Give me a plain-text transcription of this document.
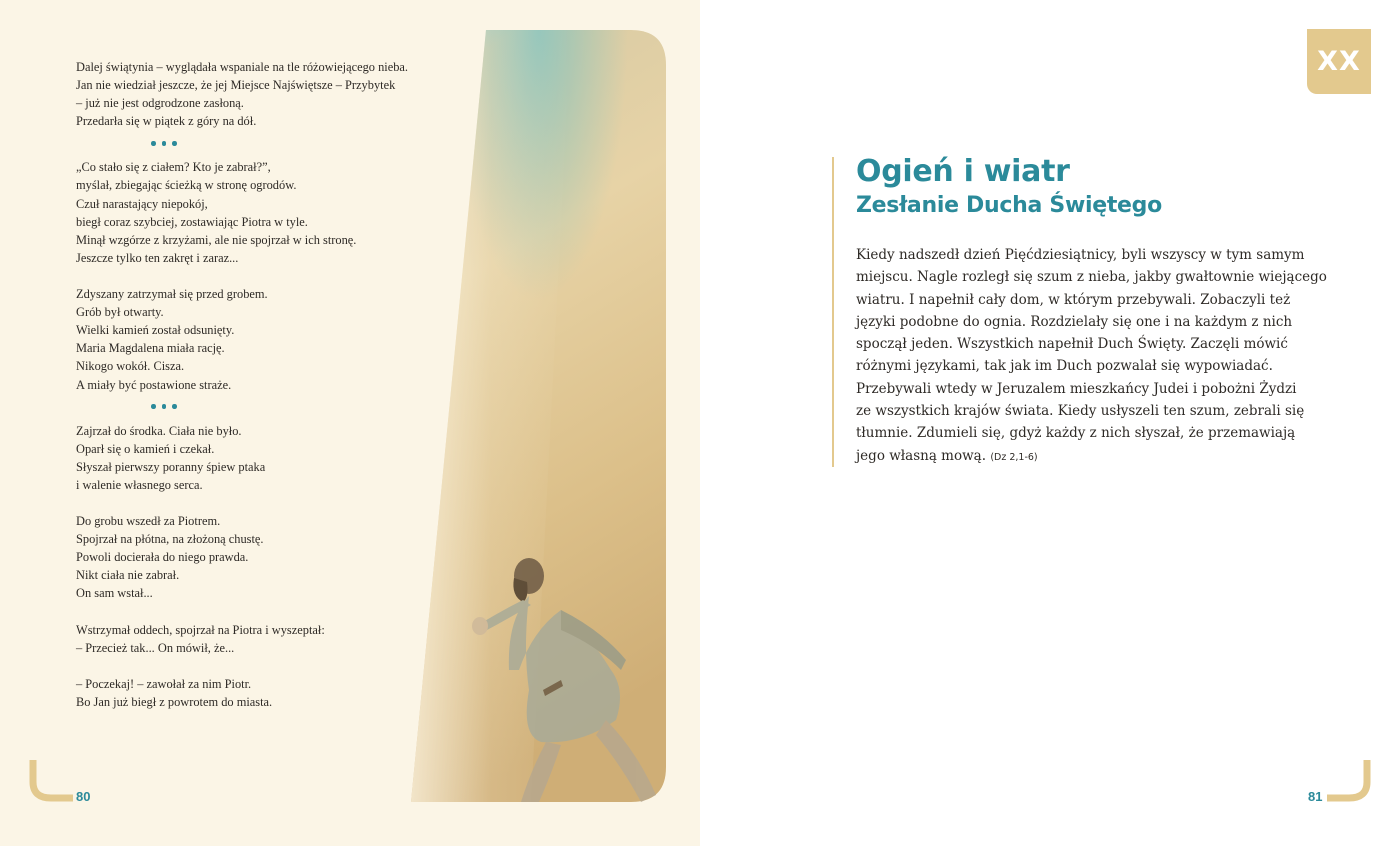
Dalej świątynia – wyglądała wspaniale na tle różowiejącego nieba.
Jan nie wiedział jeszcze, że jej Miejsce Najświętsze – Przybytek
– już nie jest odgrodzone zasłoną.
Przedarła się w piątek z góry na dół.
„Co stało się z ciałem? Kto je zabrał?”,
myślał, zbiegając ścieżką w stronę ogrodów.
Czuł narastający niepokój,
biegł coraz szybciej, zostawiając Piotra w tyle.
Minął wzgórze z krzyżami, ale nie spojrzał w ich stronę.
Jeszcze tylko ten zakręt i zaraz...
Zdyszany zatrzymał się przed grobem.
Grób był otwarty.
Wielki kamień został odsunięty.
Maria Magdalena miała rację.
Nikogo wokół. Cisza.
A miały być postawione straże.
Zajrzał do środka. Ciała nie było.
Oparł się o kamień i czekał.
Słyszał pierwszy poranny śpiew ptaka
i walenie własnego serca.
Do grobu wszedł za Piotrem.
Spojrzał na płótna, na złożoną chustę.
Powoli docierała do niego prawda.
Nikt ciała nie zabrał.
On sam wstał...
Wstrzymał oddech, spojrzał na Piotra i wyszeptał:
– Przecież tak... On mówił, że...
– Poczekaj! – zawołał za nim Piotr.
Bo Jan już biegł z powrotem do miasta.
80	81
XX
Ogień i wiatr
Zesłanie Ducha Świętego
Kiedy nadszedł dzień Pięćdziesiątnicy, byli wszyscy w tym samym
miejscu. Nagle rozległ się szum z nieba, jakby gwałtownie wiejącego
wiatru. I napełnił cały dom, w którym przebywali. Zobaczyli też
języki podobne do ognia. Rozdzielały się one i na każdym z nich
spoczął jeden. Wszystkich napełnił Duch Święty. Zaczęli mówić
różnymi językami, tak jak im Duch pozwalał się wypowiadać.
Przebywali wtedy w Jeruzalem mieszkańcy Judei i pobożni Żydzi
ze wszystkich krajów świata. Kiedy usłyszeli ten szum, zebrali się
tłumnie. Zdumieli się, gdyż każdy z nich słyszał, że przemawiają
jego własną mową. (Dz 2,1-6)
